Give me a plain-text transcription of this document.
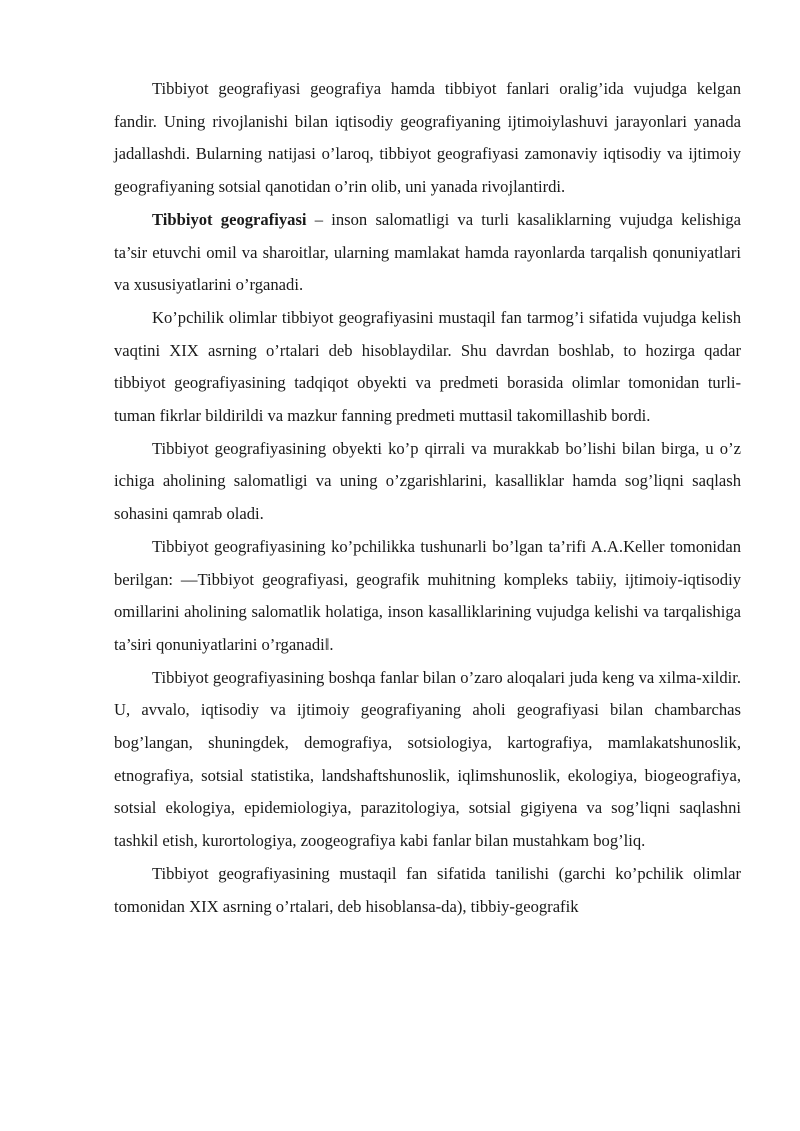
Tibbiyot geografiyasi geografiya hamda tibbiyot fanlari oralig’ida vujudga kelgan fandir. Uning rivojlanishi bilan iqtisodiy geografiyaning ijtimoiylashuvi jarayonlari yanada jadallashdi. Bularning natijasi o’laroq, tibbiyot geografiyasi zamonaviy iqtisodiy va ijtimoiy geografiyaning sotsial qanotidan o’rin olib, uni yanada rivojlantirdi.

Tibbiyot geografiyasi – inson salomatligi va turli kasaliklarning vujudga kelishiga ta’sir etuvchi omil va sharoitlar, ularning mamlakat hamda rayonlarda tarqalish qonuniyatlari va xususiyatlarini o’rganadi.

Ko’pchilik olimlar tibbiyot geografiyasini mustaqil fan tarmog’i sifatida vujudga kelish vaqtini XIX asrning o’rtalari deb hisoblaydilar. Shu davrdan boshlab, to hozirga qadar tibbiyot geografiyasining tadqiqot obyekti va predmeti borasida olimlar tomonidan turli-tuman fikrlar bildirildi va mazkur fanning predmeti muttasil takomillashib bordi.

Tibbiyot geografiyasining obyekti ko’p qirrali va murakkab bo’lishi bilan birga, u o’z ichiga aholining salomatligi va uning o’zgarishlarini, kasalliklar hamda sog’liqni saqlash sohasini qamrab oladi.

Tibbiyot geografiyasining ko’pchilikka tushunarli bo’lgan ta’rifi A.A.Keller tomonidan berilgan: ―Tibbiyot geografiyasi, geografik muhitning kompleks tabiiy, ijtimoiy-iqtisodiy omillarini aholining salomatlik holatiga, inson kasalliklarining vujudga kelishi va tarqalishiga ta’siri qonuniyatlarini o’rganadi‖.

Tibbiyot geografiyasining boshqa fanlar bilan o’zaro aloqalari juda keng va xilma-xildir. U, avvalo, iqtisodiy va ijtimoiy geografiyaning aholi geografiyasi bilan chambarchas bog’langan, shuningdek, demografiya, sotsiologiya, kartografiya, mamlakatshunoslik, etnografiya, sotsial statistika, landshaftshunoslik, iqlimshunoslik, ekologiya, biogeografiya, sotsial ekologiya, epidemiologiya, parazitologiya, sotsial gigiyena va sog’liqni saqlashni tashkil etish, kurortologiya, zoogeografiya kabi fanlar bilan mustahkam bog’liq.

Tibbiyot geografiyasining mustaqil fan sifatida tanilishi (garchi ko’pchilik olimlar tomonidan XIX asrning o’rtalari, deb hisoblansa-da), tibbiy-geografik
